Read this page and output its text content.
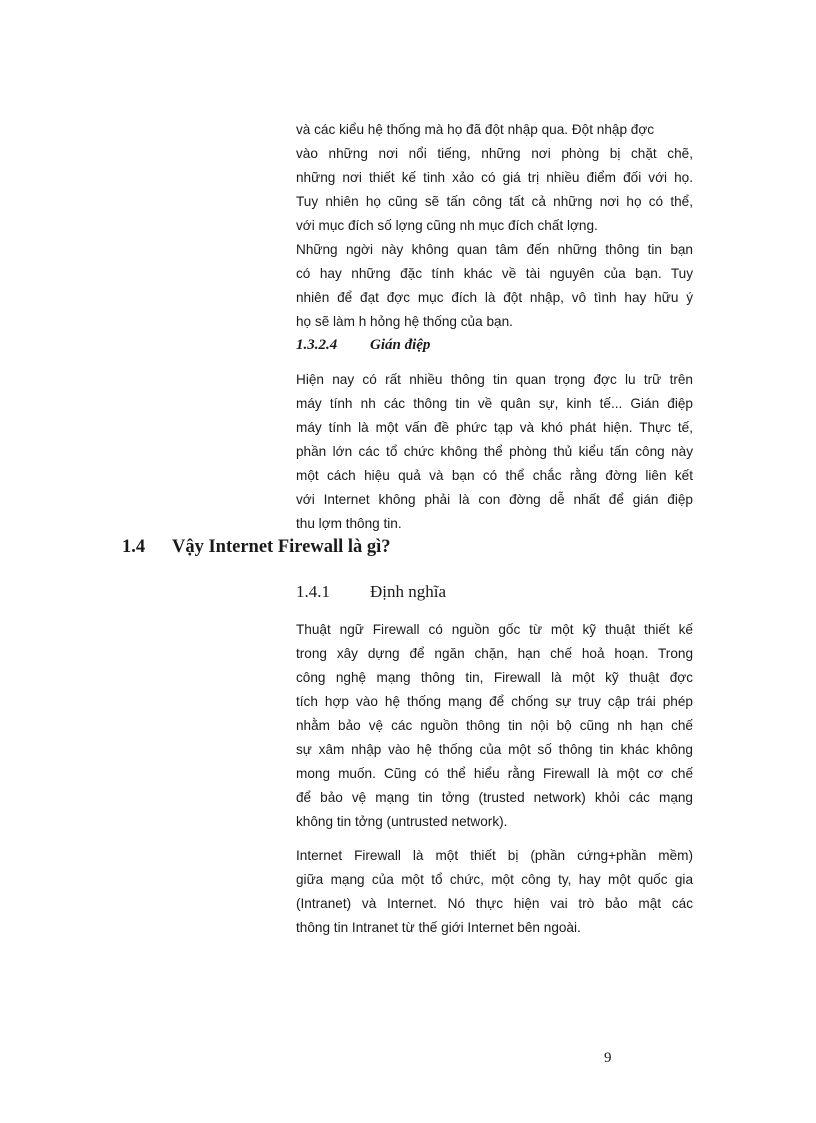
và các kiểu hệ thống mà họ đã đột nhập qua. Đột nhập đợc
vào những nơi nổi tiếng, những nơi phòng bị chặt chẽ,
những nơi thiết kế tinh xảo có giá trị nhiều điểm đối với họ.
Tuy nhiên họ cũng sẽ tấn công tất cả những nơi họ có thể,
với mục đích số lợng cũng nh mục đích chất lợng.
Những ngời này không quan tâm đến những thông tin bạn
có hay những đặc tính khác về tài nguyên của bạn. Tuy
nhiên để đạt đợc mục đích là đột nhập, vô tình hay hữu ý
họ sẽ làm h hỏng hệ thống của bạn.
1.3.2.4 Gián điệp
Hiện nay có rất nhiều thông tin quan trọng đợc lu trữ trên
máy tính nh các thông tin về quân sự, kinh tế... Gián điệp
máy tính là một vấn đề phức tạp và khó phát hiện. Thực tế,
phần lớn các tổ chức không thể phòng thủ kiểu tấn công này
một cách hiệu quả và bạn có thể chắc rằng đờng liên kết
với Internet không phải là con đờng dễ nhất để gián điệp
thu lợm thông tin.
1.4 Vậy Internet Firewall là gì?
1.4.1 Định nghĩa
Thuật ngữ Firewall có nguồn gốc từ một kỹ thuật thiết kế
trong xây dựng để ngăn chặn, hạn chế hoả hoạn. Trong
công nghệ mạng thông tin, Firewall là một kỹ thuật đợc
tích hợp vào hệ thống mạng để chống sự truy cập trái phép
nhằm bảo vệ các nguồn thông tin nội bộ cũng nh hạn chế
sự xâm nhập vào hệ thống của một số thông tin khác không
mong muốn. Cũng có thể hiểu rằng Firewall là một cơ chế
để bảo vệ mạng tin tởng (trusted network) khỏi các mạng
không tin tởng (untrusted network).
Internet Firewall là một thiết bị (phần cứng+phần mềm)
giữa mạng của một tổ chức, một công ty, hay một quốc gia
(Intranet) và Internet. Nó thực hiện vai trò bảo mật các
thông tin Intranet từ thế giới Internet bên ngoài.
9
